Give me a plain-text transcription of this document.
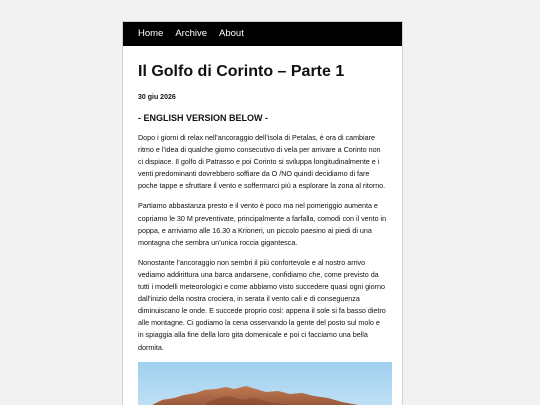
Home Archive About
Il Golfo di Corinto – Parte 1
30 giu 2026
- ENGLISH VERSION BELOW -

Dopo i giorni di relax nell’ancoraggio dell’isola di Petalas, è ora di cambiare ritmo e l’idea di qualche giorno consecutivo di vela per arrivare a Corinto non ci dispiace. Il golfo di Patrasso e poi Corinto si sviluppa longitudinalmente e i venti predominanti dovrebbero soffiare da O /NO quindi decidiamo di fare poche tappe e sfruttare il vento e soffermarci più a esplorare la zona al ritorno.

Partiamo abbastanza presto e il vento è poco ma nel pomeriggio aumenta e copriamo le 30 M preventivate, principalmente a farfalla, comodi con il vento in poppa, e arriviamo alle 16.30 a Krioneri, un piccolo paesino ai piedi di una montagna che sembra un’unica roccia gigantesca.

Nonostante l’ancoraggio non sembri il più confortevole e al nostro arrivo vediamo addirittura una barca andarsene, confidiamo che, come previsto da tutti i modelli meteorologici e come abbiamo visto succedere quasi ogni giorno dall’inizio della nostra crociera, in serata il vento cali e di conseguenza diminuiscano le onde. E succede proprio così: appena il sole si fa basso dietro alle montagne. Ci godiamo la cena osservando la gente del posto sul molo e in spiaggia alla fine della loro gita domenicale e poi ci facciamo una bella dormita.
